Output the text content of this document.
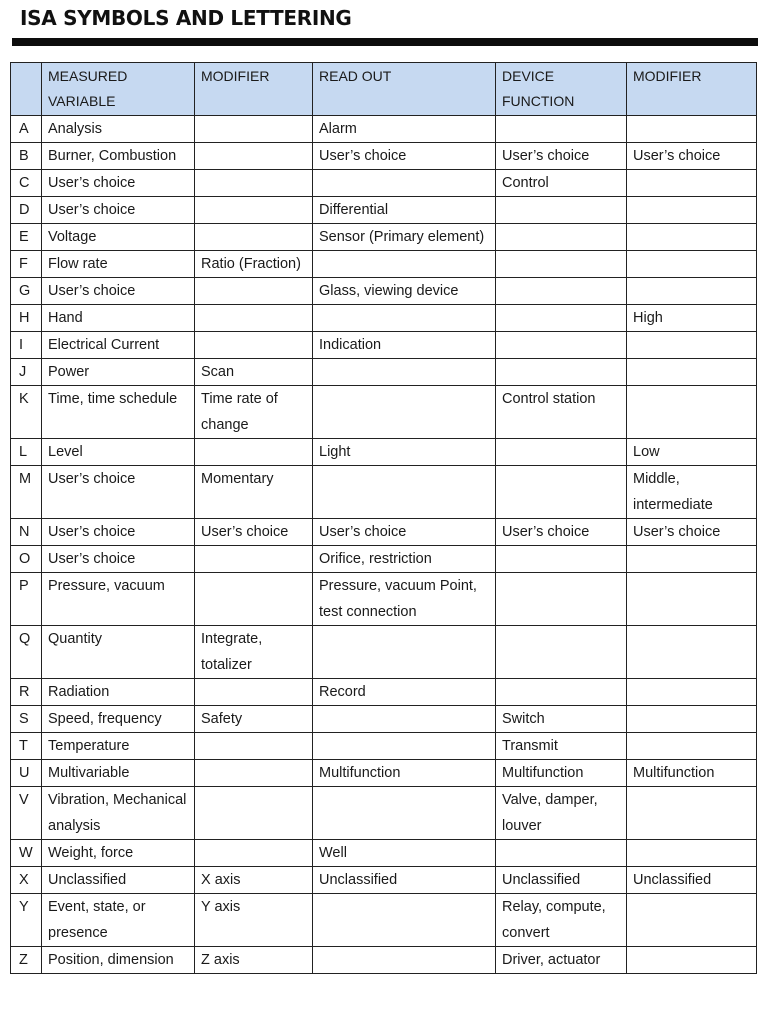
ISA SYMBOLS AND LETTERING
	MEASURED VARIABLE	MODIFIER	READ OUT	DEVICE FUNCTION	MODIFIER
A	Analysis		Alarm		
B	Burner, Combustion		User’s choice	User’s choice	User’s choice
C	User’s choice			Control	
D	User’s choice		Differential		
E	Voltage		Sensor (Primary element)		
F	Flow rate	Ratio (Fraction)			
G	User’s choice		Glass, viewing device		
H	Hand				High
I	Electrical Current		Indication		
J	Power	Scan			
K	Time, time schedule	Time rate of change		Control station	
L	Level		Light		Low
M	User’s choice	Momentary			Middle, intermediate
N	User’s choice	User’s choice	User’s choice	User’s choice	User’s choice
O	User’s choice		Orifice, restriction		
P	Pressure, vacuum		Pressure, vacuum Point, test connection		
Q	Quantity	Integrate, totalizer			
R	Radiation		Record		
S	Speed, frequency	Safety		Switch	
T	Temperature			Transmit	
U	Multivariable		Multifunction	Multifunction	Multifunction
V	Vibration, Mechanical analysis			Valve, damper, louver	
W	Weight, force		Well		
X	Unclassified	X axis	Unclassified	Unclassified	Unclassified
Y	Event, state, or presence	Y axis		Relay, compute, convert	
Z	Position, dimension	Z axis		Driver, actuator	
